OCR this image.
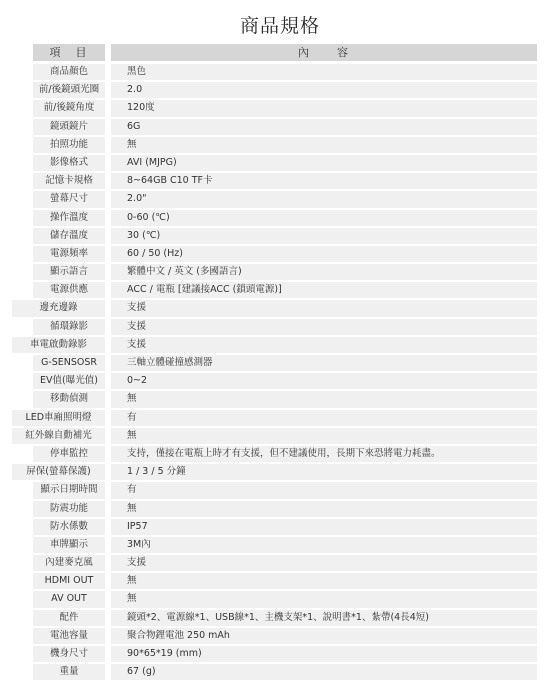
商品規格
項　目	內　　容
商品顏色	黑色
前/後鏡頭光圈	2.0
前/後鏡角度	120度
鏡頭鏡片	6G
拍照功能	無
影像格式	AVI (MJPG)
記憶卡規格	8~64GB C10 TF卡
螢幕尺寸	2.0"
操作溫度	0-60 (℃)
儲存溫度	30 (℃)
電源頻率	60 / 50 (Hz)
顯示語言	繁體中文 / 英文 (多國語言)
電源供應	ACC / 電瓶 [建議接ACC (鎖頭電源)]
邊充邊錄	支援
循環錄影	支援
車電啟動錄影	支援
G-SENSOSR	三軸立體碰撞感測器
EV值(曝光值)	0~2
移動偵測	無
LED車廂照明燈	有
紅外線自動補光	無
停車監控	支持，僅接在電瓶上時才有支援，但不建議使用，長期下來恐將電力耗盡。
屏保(螢幕保護)	1 / 3 / 5 分鐘
顯示日期時間	有
防震功能	無
防水係數	IP57
車牌顯示	3M內
內建麥克風	支援
HDMI OUT	無
AV OUT	無
配件	鏡頭*2、電源線*1、USB線*1、主機支架*1、說明書*1、紮帶(4長4短)
電池容量	聚合物鋰電池 250 mAh
機身尺寸	90*65*19 (mm)
重量	67 (g)
